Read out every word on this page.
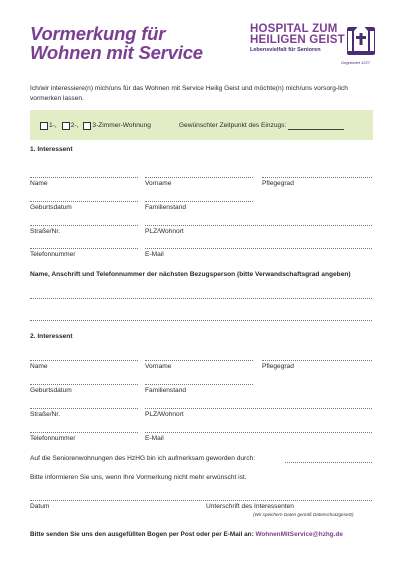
Vormerkung für
Wohnen mit Service
HOSPITAL ZUM
HEILIGEN GEIST
Lebensvielfalt für Senioren
Gegründet 1227
Ich/wir interessiere(n) mich/uns für das Wohnen mit Service Heilig Geist und möchte(n) mich/uns vorsorg-lich vormerken lassen.
1-, 2-, 3-Zimmer-Wohnung	Gewünschter Zeitpunkt des Einzugs:
1. Interessent
Name	Vorname	Pflegegrad
Geburtsdatum	Familienstand
Straße/Nr.	PLZ/Wohnort
Telefonnummer	E-Mail
Name, Anschrift und Telefonnummer der nächsten Bezugsperson (bitte Verwandschaftsgrad angeben)
2. Interessent
Name	Vorname	Pflegegrad
Geburtsdatum	Familienstand
Straße/Nr.	PLZ/Wohnort
Telefonnummer	E-Mail
Auf die Seniorenwohnungen des HzHG bin ich aufmerksam geworden durch:
Bitte informieren Sie uns, wenn Ihre Vormerkung nicht mehr erwünscht ist.
Datum	Unterschrift des Interessenten
(Wir speichern Daten gemäß Datenschutzgesetz)
Bitte senden Sie uns den ausgefüllten Bogen per Post oder per E-Mail an: WohnenMitService@hzhg.de
